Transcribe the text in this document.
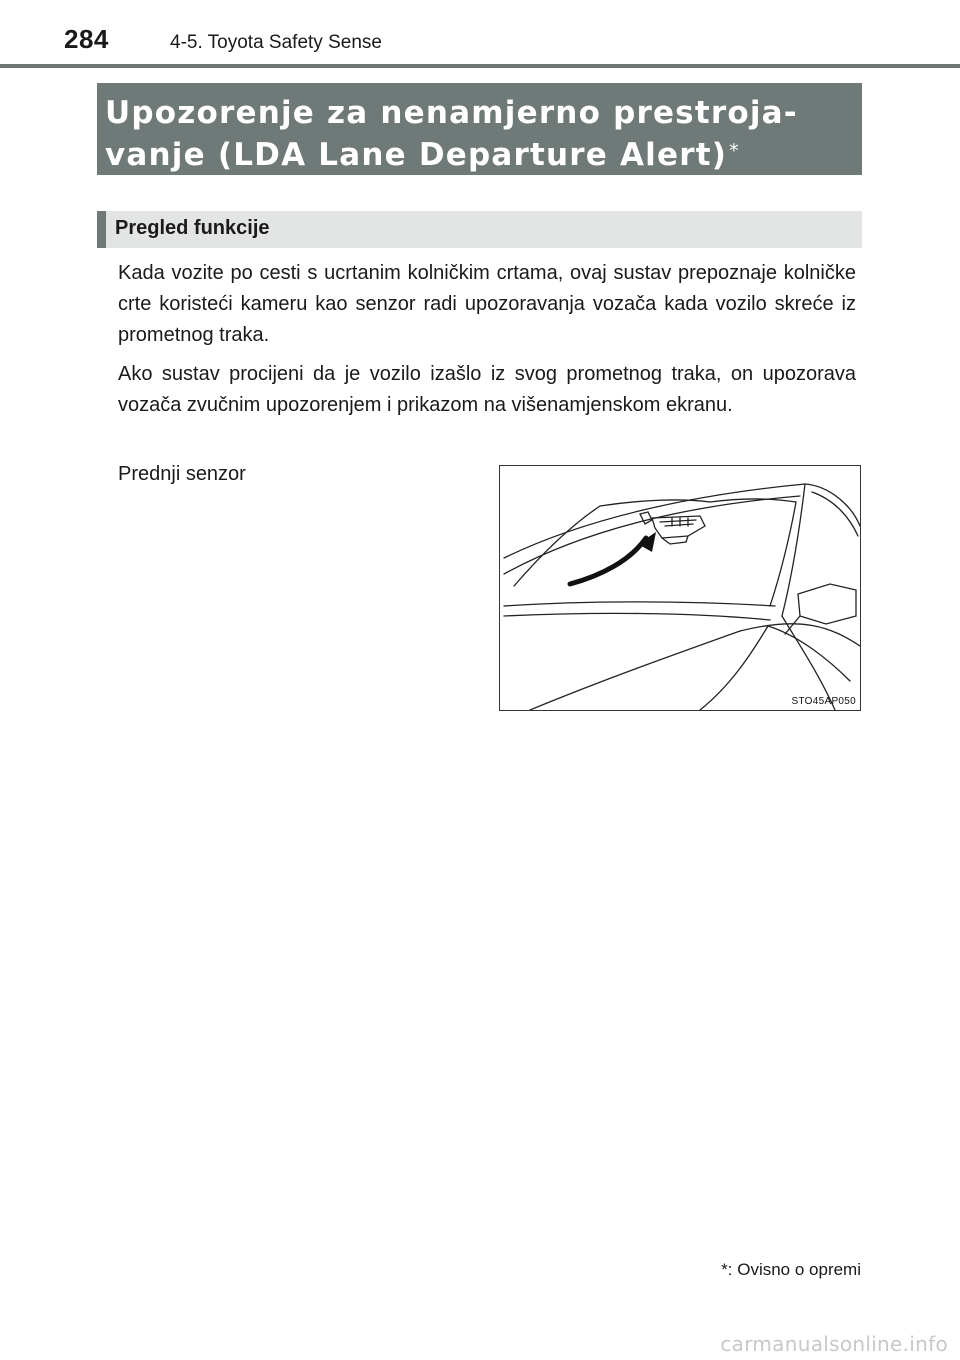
284	4-5. Toyota Safety Sense
Upozorenje za nenamjerno prestroja-
vanje (LDA Lane Departure Alert) *
Pregled funkcije

Kada vozite po cesti s ucrtanim kolničkim crtama, ovaj sustav prepoznaje kolničke crte koristeći kameru kao senzor radi upozoravanja vozača kada vozilo skreće iz prometnog traka.

Ako sustav procijeni da je vozilo izašlo iz svog prometnog traka, on upozorava vozača zvučnim upozorenjem i prikazom na višenamjenskom ekranu.

Prednji senzor

STO45AP050
*: Ovisno o opremi
carmanualsonline.info
